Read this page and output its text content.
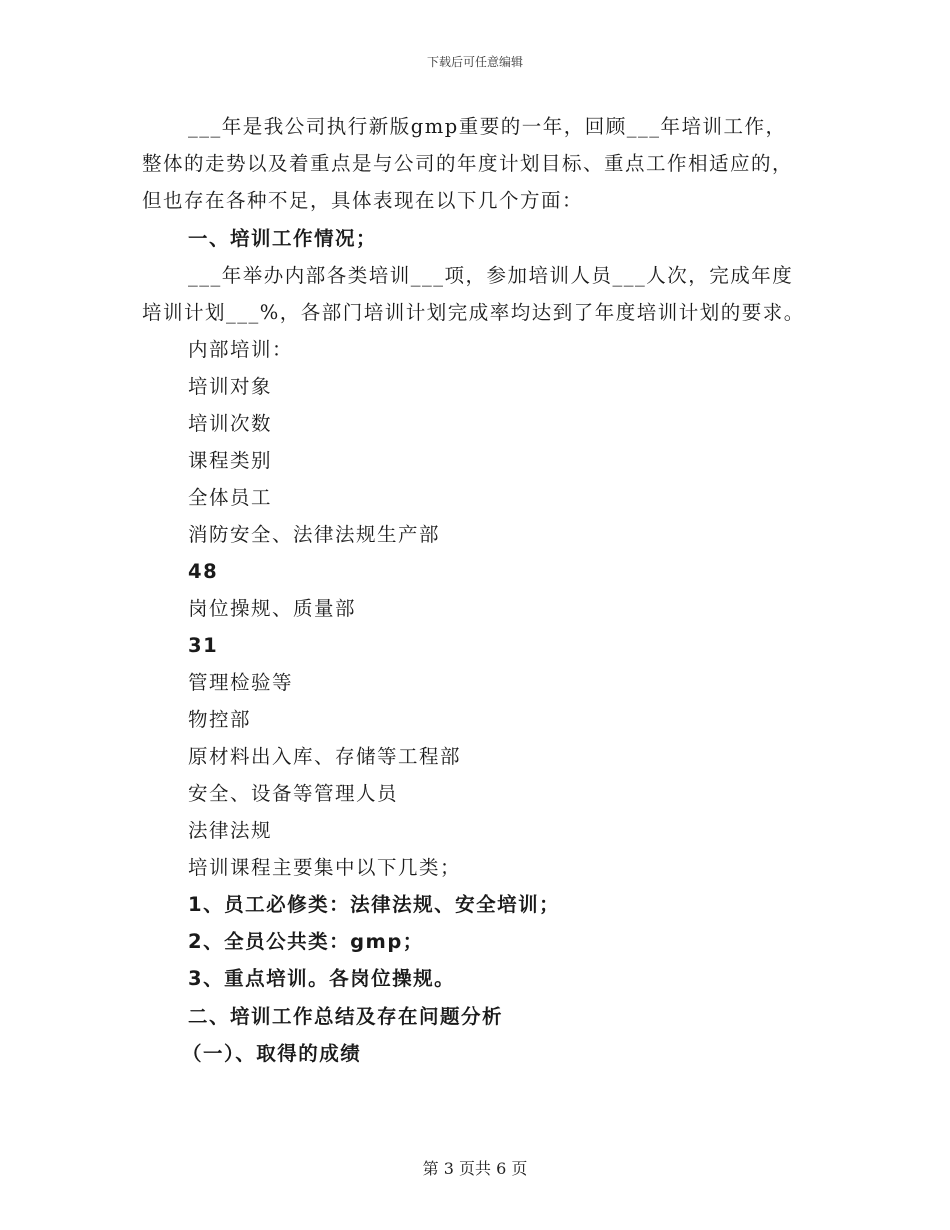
下载后可任意编辑
___年是我公司执行新版gmp重要的一年，回顾___年培训工作，
整体的走势以及着重点是与公司的年度计划目标、重点工作相适应的，
但也存在各种不足，具体表现在以下几个方面：
一、培训工作情况；
___年举办内部各类培训___项，参加培训人员___人次，完成年度
培训计划___%，各部门培训计划完成率均达到了年度培训计划的要求。
内部培训：
培训对象
培训次数
课程类别
全体员工
消防安全、法律法规生产部
48
岗位操规、质量部
31
管理检验等
物控部
原材料出入库、存储等工程部
安全、设备等管理人员
法律法规
培训课程主要集中以下几类；
1、员工必修类：法律法规、安全培训；
2、全员公共类：gmp；
3、重点培训。各岗位操规。
二、培训工作总结及存在问题分析
（一）、取得的成绩
第 3 页共 6 页
